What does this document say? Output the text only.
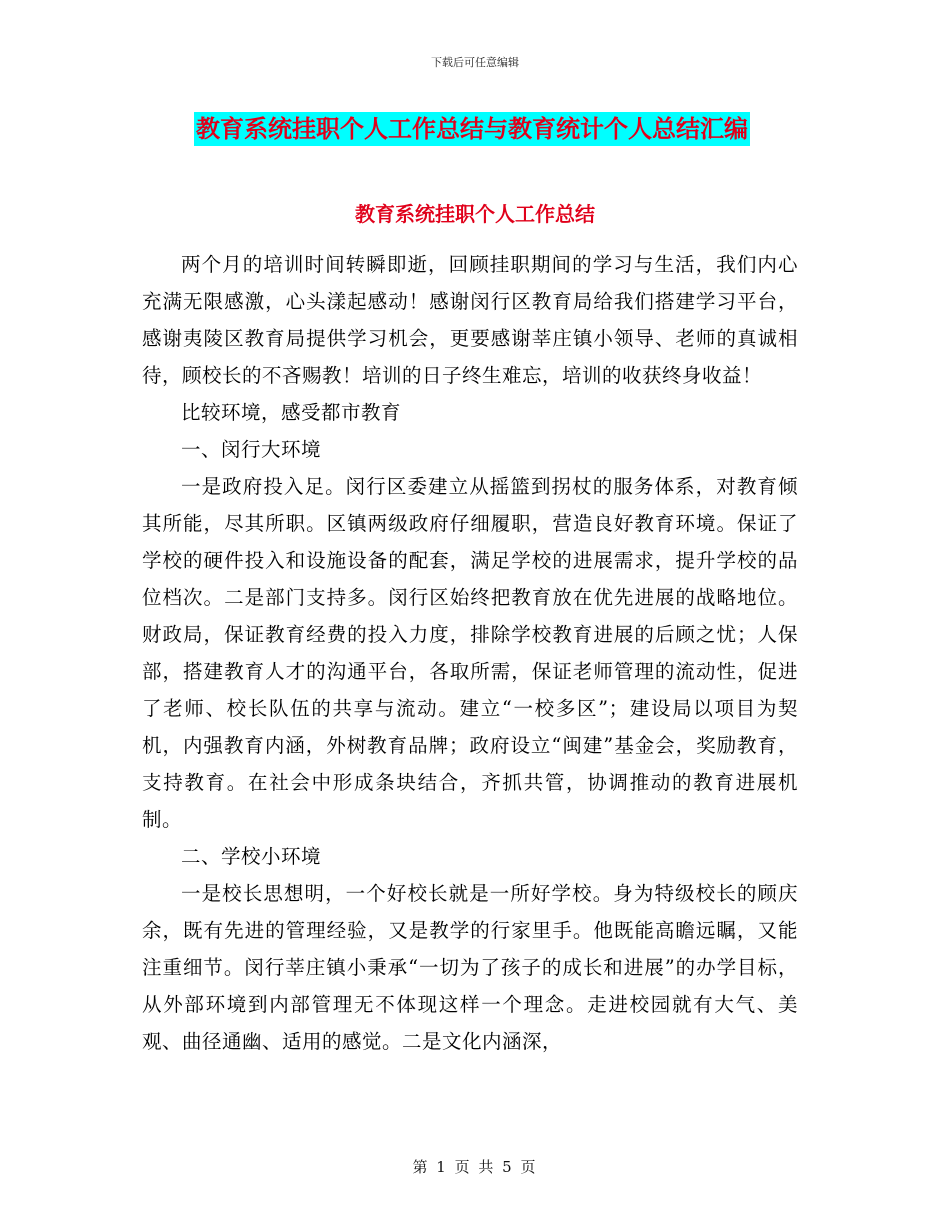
下载后可任意编辑
教育系统挂职个人工作总结与教育统计个人总结汇编
教育系统挂职个人工作总结

两个月的培训时间转瞬即逝，回顾挂职期间的学习与生活，我们内心充满无限感激，心头漾起感动！感谢闵行区教育局给我们搭建学习平台，感谢夷陵区教育局提供学习机会，更要感谢莘庄镇小领导、老师的真诚相待，顾校长的不吝赐教！培训的日子终生难忘，培训的收获终身收益！

比较环境，感受都市教育

一、闵行大环境

一是政府投入足。闵行区委建立从摇篮到拐杖的服务体系，对教育倾其所能，尽其所职。区镇两级政府仔细履职，营造良好教育环境。保证了学校的硬件投入和设施设备的配套，满足学校的进展需求，提升学校的品位档次。二是部门支持多。闵行区始终把教育放在优先进展的战略地位。财政局，保证教育经费的投入力度，排除学校教育进展的后顾之忧；人保部，搭建教育人才的沟通平台，各取所需，保证老师管理的流动性，促进了老师、校长队伍的共享与流动。建立“一校多区”；建设局以项目为契机，内强教育内涵，外树教育品牌；政府设立“闽建”基金会，奖励教育，支持教育。在社会中形成条块结合，齐抓共管，协调推动的教育进展机制。

二、学校小环境

一是校长思想明，一个好校长就是一所好学校。身为特级校长的顾庆余，既有先进的管理经验，又是教学的行家里手。他既能高瞻远瞩，又能注重细节。闵行莘庄镇小秉承“一切为了孩子的成长和进展”的办学目标，从外部环境到内部管理无不体现这样一个理念。走进校园就有大气、美观、曲径通幽、适用的感觉。二是文化内涵深，

第 1 页 共 5 页
